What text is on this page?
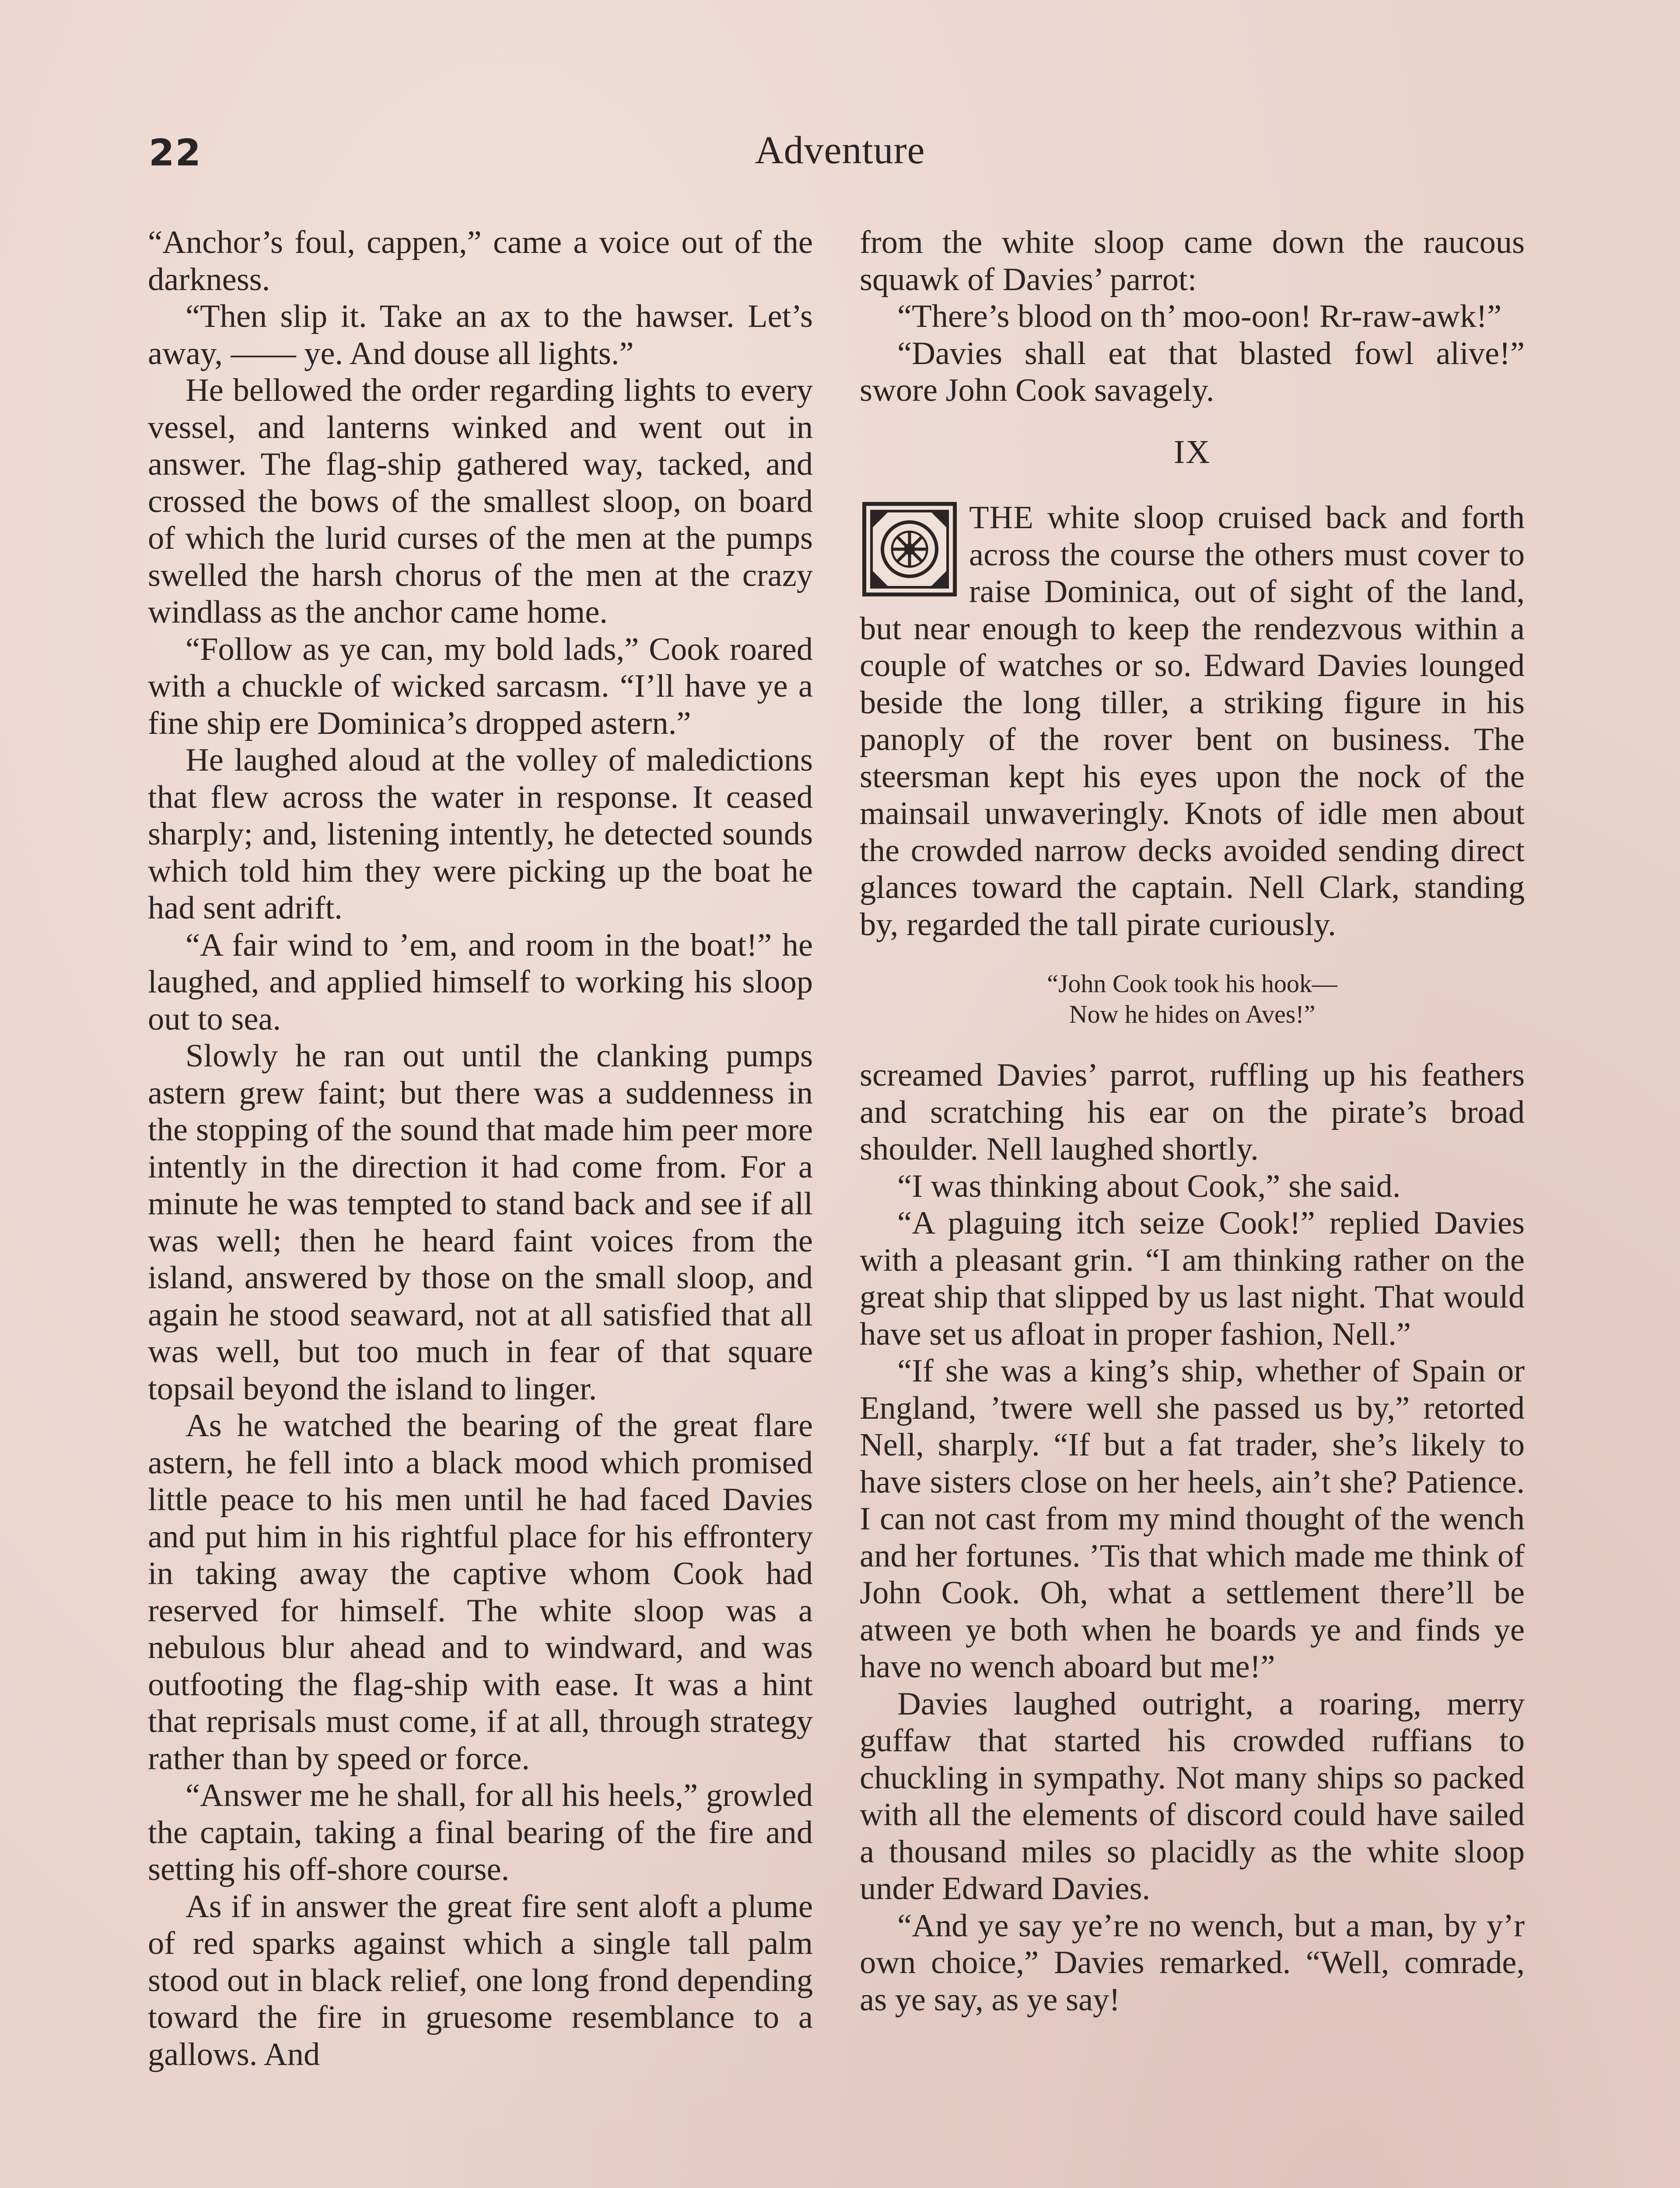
22	Adventure

“Anchor’s foul, cappen,” came a voice out of the darkness.

“Then slip it. Take an ax to the hawser. Let’s away, —— ye. And douse all lights.”

He bellowed the order regarding lights to every vessel, and lanterns winked and went out in answer. The flag-ship gathered way, tacked, and crossed the bows of the smallest sloop, on board of which the lurid curses of the men at the pumps swelled the harsh chorus of the men at the crazy windlass as the anchor came home.

“Follow as ye can, my bold lads,” Cook roared with a chuckle of wicked sarcasm. “I’ll have ye a fine ship ere Dominica’s dropped astern.”

He laughed aloud at the volley of maledictions that flew across the water in response. It ceased sharply; and, listening intently, he detected sounds which told him they were picking up the boat he had sent adrift.

“A fair wind to ’em, and room in the boat!” he laughed, and applied himself to working his sloop out to sea.

Slowly he ran out until the clanking pumps astern grew faint; but there was a suddenness in the stopping of the sound that made him peer more intently in the direction it had come from. For a minute he was tempted to stand back and see if all was well; then he heard faint voices from the island, answered by those on the small sloop, and again he stood seaward, not at all satisfied that all was well, but too much in fear of that square topsail beyond the island to linger.

As he watched the bearing of the great flare astern, he fell into a black mood which promised little peace to his men until he had faced Davies and put him in his rightful place for his effrontery in taking away the captive whom Cook had reserved for himself. The white sloop was a nebulous blur ahead and to windward, and was outfooting the flag-ship with ease. It was a hint that reprisals must come, if at all, through strategy rather than by speed or force.

“Answer me he shall, for all his heels,” growled the captain, taking a final bearing of the fire and setting his off-shore course.

As if in answer the great fire sent aloft a plume of red sparks against which a single tall palm stood out in black relief, one long frond depending toward the fire in gruesome resemblance to a gallows. And

from the white sloop came down the raucous squawk of Davies’ parrot:

“There’s blood on th’ moo-oon! Rr-raw-awk!”

“Davies shall eat that blasted fowl alive!” swore John Cook savagely.

IX

THE white sloop cruised back and forth across the course the others must cover to raise Dominica, out of sight of the land, but near enough to keep the rendezvous within a couple of watches or so. Edward Davies lounged beside the long tiller, a striking figure in his panoply of the rover bent on business. The steersman kept his eyes upon the nock of the mainsail unwaveringly. Knots of idle men about the crowded narrow decks avoided sending direct glances toward the captain. Nell Clark, standing by, regarded the tall pirate curiously.

“John Cook took his hook—
Now he hides on Aves!”

screamed Davies’ parrot, ruffling up his feathers and scratching his ear on the pirate’s broad shoulder. Nell laughed shortly.

“I was thinking about Cook,” she said.

“A plaguing itch seize Cook!” replied Davies with a pleasant grin. “I am thinking rather on the great ship that slipped by us last night. That would have set us afloat in proper fashion, Nell.”

“If she was a king’s ship, whether of Spain or England, ’twere well she passed us by,” retorted Nell, sharply. “If but a fat trader, she’s likely to have sisters close on her heels, ain’t she? Patience. I can not cast from my mind thought of the wench and her fortunes. ’Tis that which made me think of John Cook. Oh, what a settlement there’ll be atween ye both when he boards ye and finds ye have no wench aboard but me!”

Davies laughed outright, a roaring, merry guffaw that started his crowded ruffians to chuckling in sympathy. Not many ships so packed with all the elements of discord could have sailed a thousand miles so placidly as the white sloop under Edward Davies.

“And ye say ye’re no wench, but a man, by y’r own choice,” Davies remarked. “Well, comrade, as ye say, as ye say!
